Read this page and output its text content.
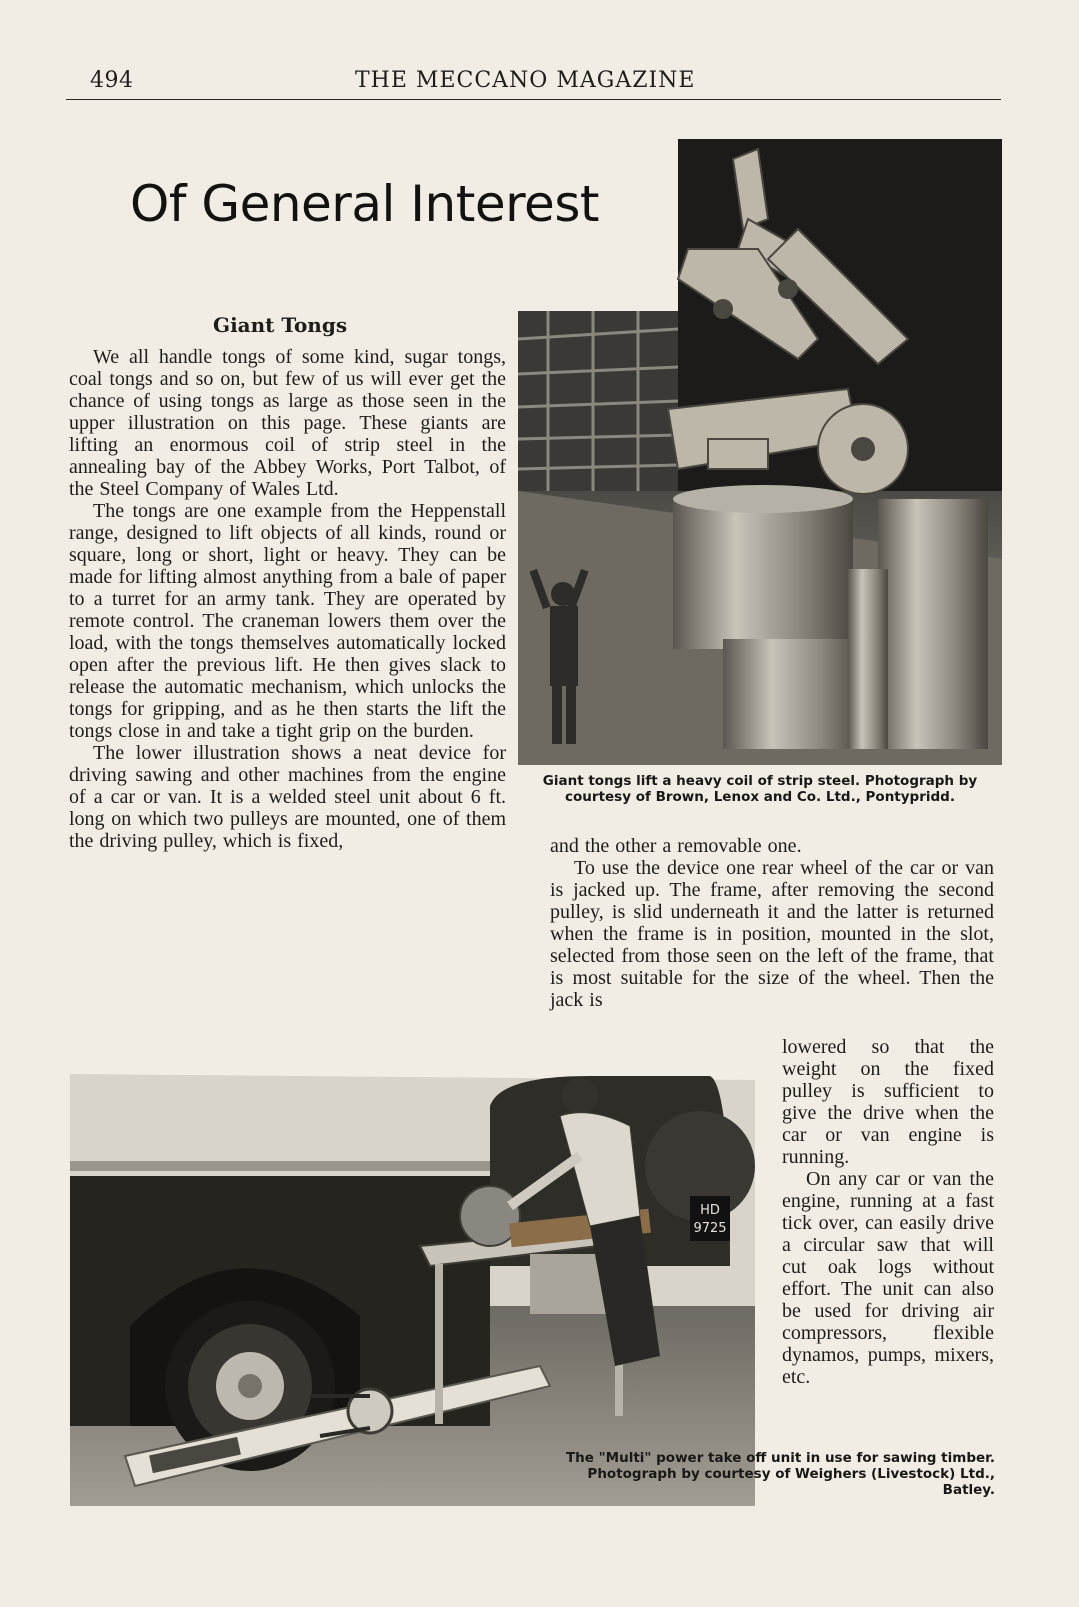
494	THE MECCANO MAGAZINE
Of General Interest
Giant Tongs

We all handle tongs of some kind, sugar tongs, coal tongs and so on, but few of us will ever get the chance of using tongs as large as those seen in the upper illustration on this page. These giants are lifting an enormous coil of strip steel in the annealing bay of the Abbey Works, Port Talbot, of the Steel Company of Wales Ltd.

The tongs are one example from the Heppenstall range, designed to lift objects of all kinds, round or square, long or short, light or heavy. They can be made for lifting almost anything from a bale of paper to a turret for an army tank. They are operated by remote control. The craneman lowers them over the load, with the tongs themselves automatically locked open after the previous lift. He then gives slack to release the automatic mechanism, which unlocks the tongs for gripping, and as he then starts the lift the tongs close in and take a tight grip on the burden.

The lower illustration shows a neat device for driving sawing and other machines from the engine of a car or van. It is a welded steel unit about 6 ft. long on which two pulleys are mounted, one of them the driving pulley, which is fixed,

Giant tongs lift a heavy coil of strip steel. Photograph by courtesy of Brown, Lenox and Co. Ltd., Pontypridd.

and the other a removable one.

To use the device one rear wheel of the car or van is jacked up. The frame, after removing the second pulley, is slid underneath it and the latter is returned when the frame is in position, mounted in the slot, selected from those seen on the left of the frame, that is most suitable for the size of the wheel. Then the jack is

lowered so that the weight on the fixed pulley is sufficient to give the drive when the car or van engine is running.

On any car or van the engine, running at a fast tick over, can easily drive a circular saw that will cut oak logs without effort. The unit can also be used for driving air compressors, flexible dynamos, pumps, mixers, etc.

HD
9725
The "Multi" power take off unit in use for sawing timber. Photograph by courtesy of Weighers (Livestock) Ltd., Batley.
